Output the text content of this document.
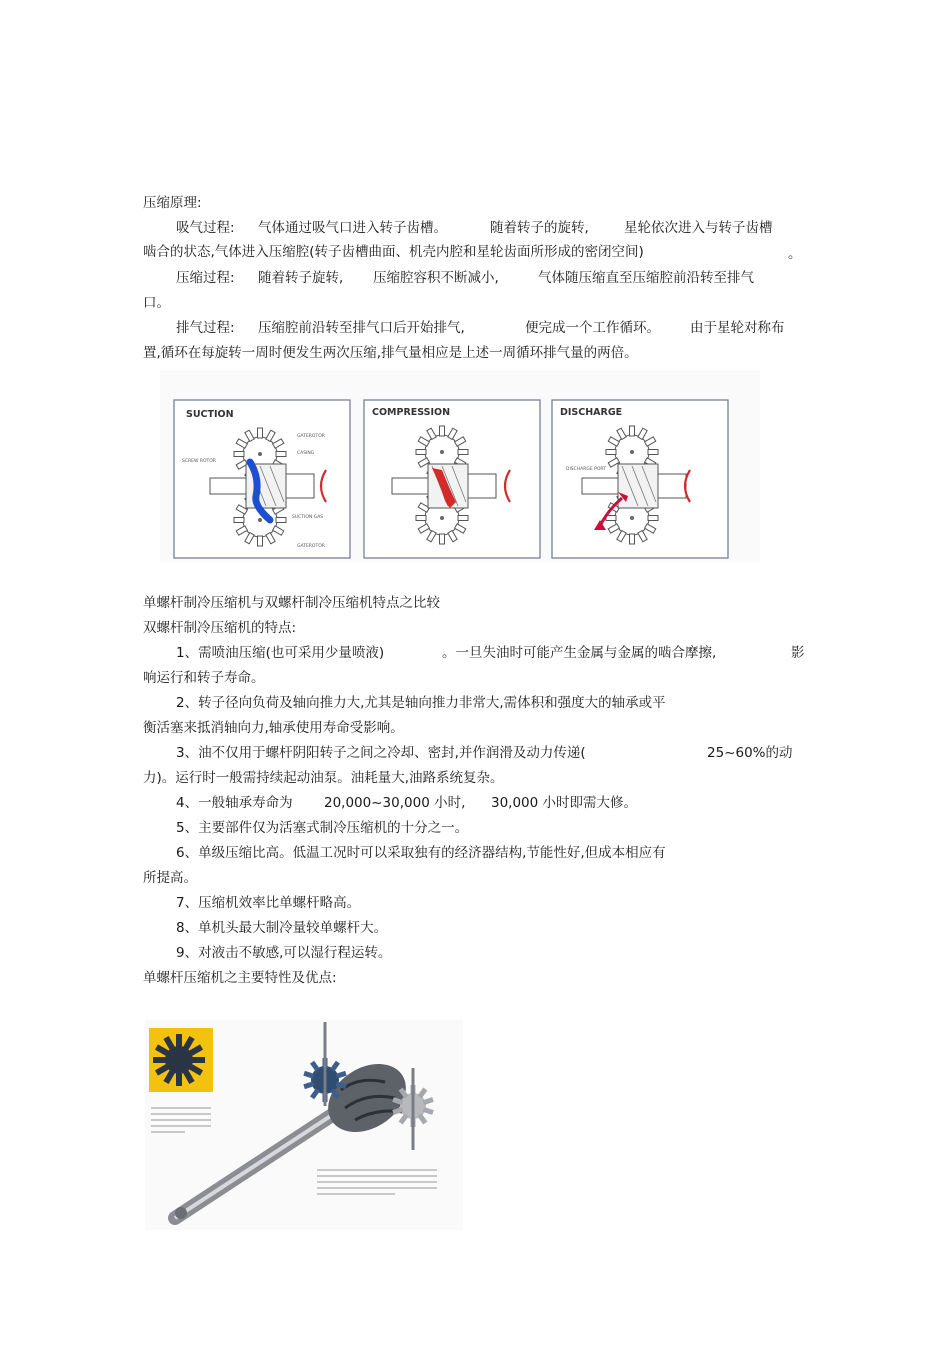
压缩原理:
吸气过程: 气体通过吸气口进入转子齿槽。	随着转子的旋转,	星轮依次进入与转子齿槽
啮合的状态,气体进入压缩腔(转子齿槽曲面、机壳内腔和星轮齿面所形成的密闭空间)	。
压缩过程: 随着转子旋转, 压缩腔容积不断减小,	气体随压缩直至压缩腔前沿转至排气
口。
排气过程: 压缩腔前沿转至排气口后开始排气,	便完成一个工作循环。 由于星轮对称布
置,循环在每旋转一周时便发生两次压缩,排气量相应是上述一周循环排气量的两倍。
SUCTION
GATEROTOR
CASING
SCREW ROTOR
SUCTION GAS
GATEROTOR
COMPRESSION	DISCHARGE
DISCHARGE PORT
单螺杆制冷压缩机与双螺杆制冷压缩机特点之比较
双螺杆制冷压缩机的特点:
1、需喷油压缩(也可采用少量喷液)	。一旦失油时可能产生金属与金属的啮合摩擦,	影
响运行和转子寿命。
2、转子径向负荷及轴向推力大,尤其是轴向推力非常大,需体积和强度大的轴承或平
衡活塞来抵消轴向力,轴承使用寿命受影响。
3、油不仅用于螺杆阴阳转子之间之冷却、密封,并作润滑及动力传递(	25~60%的动
力)。运行时一般需持续起动油泵。油耗量大,油路系统复杂。
4、一般轴承寿命为 20,000~30,000 小时, 30,000 小时即需大修。
5、主要部件仅为活塞式制冷压缩机的十分之一。
6、单级压缩比高。低温工况时可以采取独有的经济器结构,节能性好,但成本相应有
所提高。
7、压缩机效率比单螺杆略高。
8、单机头最大制冷量较单螺杆大。
9、对液击不敏感,可以湿行程运转。
单螺杆压缩机之主要特性及优点:
